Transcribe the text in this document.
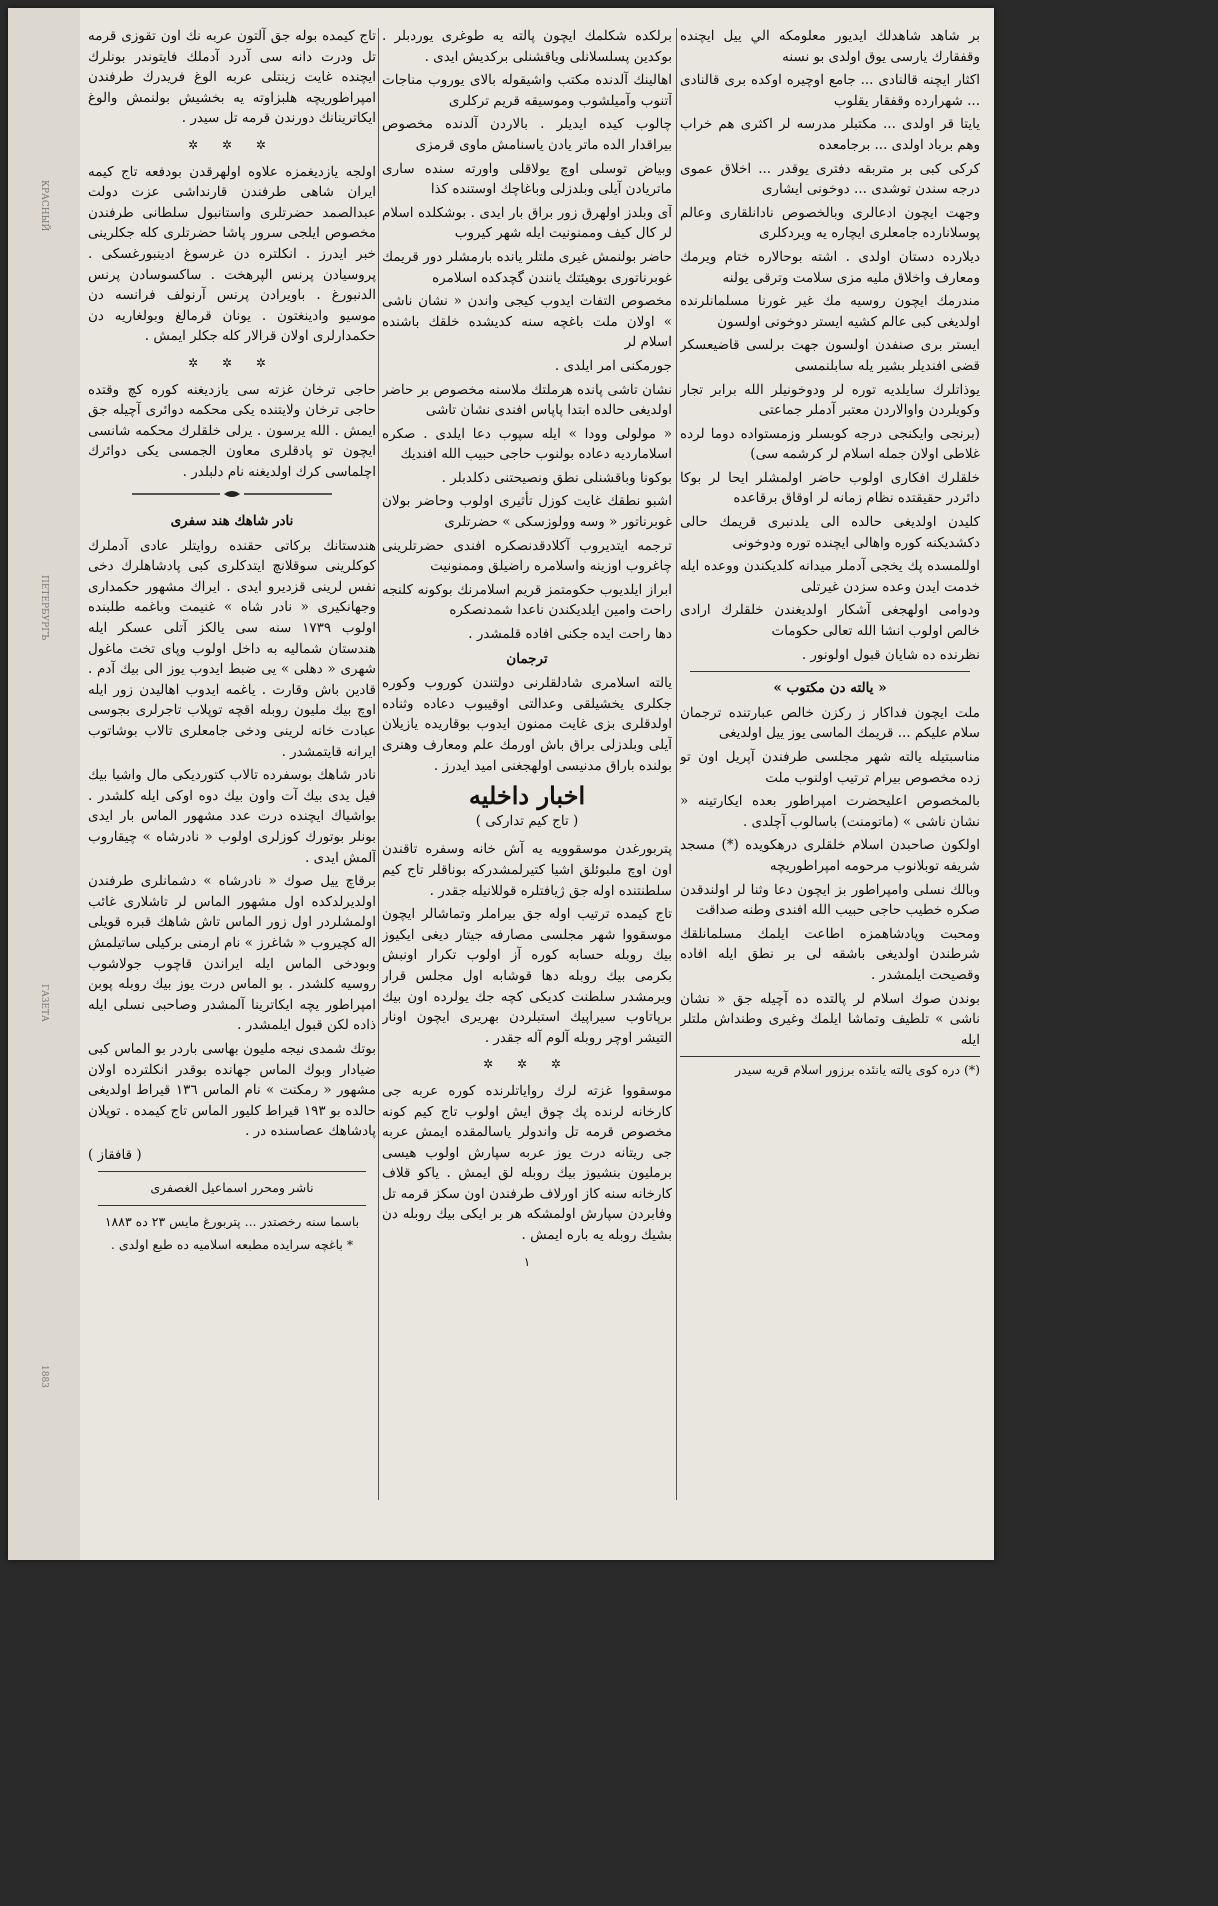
КРАСНЫЙ
ПЕТЕРБУРГЪ
ГАЗЕТА
1883

بر شاهد شاهدلك ايديور معلومكه الي ييل ايچنده وقفقارك يارسى يوق اولدى بو نسنه

اكثار ايچنه قالنادى ... جامع اوچيره اوكده برى قالنادى ... شهرارده وقفقار يقلوب

يايتا قر اولدى ... مكتبلر مدرسه لر اكثرى هم خراب وهم برباد اولدى ... برجامعده

كركى كبى بر متربقه دفترى يوقدر ... اخلاق عموى درجه سندن توشدى ... دوخونى ايشارى

وجهت ايچون ادعالرى وبالخصوص نادانلقارى وعالم پوسلانارده جامعلرى ايچاره يه ويردكلرى

ديلارده دستان اولدى . اشته بوحالاره ختام ويرمك ومعارف واخلاق مليه مزى سلامت وترقى يولنه

مندرمك ايچون روسيه مك غير غورنا مسلمانلرنده اولديغى كبى عالم كشيه ايستر دوخونى اولسون

ايستر برى صنفدن اولسون جهت برلسى قاضيعسكر قضى افنديلر بشير يله سابلنمسى

يوذاتلرك سايلديه توره لر ودوخونيلر الله برابر تجار وكويلردن واوالاردن معتبر آدملر جماعتى

(برنجى وايكنجى درجه كوبسلر وزمستواده دوما لرده غلاطى اولان جمله اسلام لر كرشمه سى)

خلقلرك افكارى اولوب حاضر اولمشلر ايحا لر بوكا دائردر حقيقتده نظام زمانه لر اوقاق برقاعده

كليدن اولديغى حالده الى يلدنبرى قريمك حالى دكشديكنه كوره واهالى ايچنده توره ودوخونى

اوللمسده پك يخجى آدملر ميدانه كلديكندن ووعده ايله خدمت ايدن وعده سزدن غيرتلى

ودوامى اولهجغى آشكار اولديغندن خلقلرك ارادى خالص اولوب انشا الله تعالى حكومات

نظرنده ده شايان قبول اولونور .

« يالته دن مكتوب »

ملت ايچون فداكار ز ركزن خالص عبارتنده ترجمان سلام عليكم ... قريمك الماسى يوز ييل اولديغى

مناسبتيله يالته شهر مجلسى طرفندن آپريل اون تو زده مخصوص بيرام ترتيب اولنوب ملت

بالمخصوص اعليحضرت امپراطور بعده ايكارتينه « نشان ناشى » (ماتومنت) باسالوب آچلدى .

اولكون صاحبدن اسلام خلقلرى درهكويده (*) مسجد شريفه توبلانوب مرحومه امپراطوريچه

وبالك نسلى وامپراطور بز ايچون دعا وثنا لر اولندقدن صكره خطيب حاجى حبيب الله افندى وطنه صداقت

ومحبت وپادشاهمزه اطاعت ايلمك مسلمانلقك شرطندن اولديغى باشقه لى بر نطق ايله افاده وقصيحت ايلمشدر .

بوندن صوك اسلام لر پالتده ده آچيله جق « نشان ناشى » تلطيف وتماشا ايلمك وغيرى وطنداش ملتلر ايله

(*) دره كوى يالته يانئده برزور اسلام قريه سيدر

برلكده شكلمك ايچون پالته يه طوغرى يوردبلر . بوكدين پسلسلانلى وياقشنلى بركديش ايدى .

اهالينك آلدنده مكتب واشيقوله بالاى يوروب مناجات آتنوب وآميلشوب وموسيقه قريم تركلرى

چالوب كيده ايديلر . بالاردن آلدنده مخصوص بيراقدار الده ماتر يادن ياسنامش ماوى قرمزى

وبياض توسلى اوچ يولاقلى واورته سنده سارى ماتريادن آيلى وبلدزلى وباغاچك اوستنده كذا

آى وبلدز اولهرق زور براق بار ايدى . بوشكلده اسلام لر كال كيف وممنونيت ايله شهر كيروب

حاضر بولنمش غيرى ملتلر يانده بارمشلر دور قريمك غوبرناتورى بوهيئتك يانندن گچدكده اسلامره

مخصوص التفات ايدوب كيجى واندن « نشان ناشى » اولان ملت باغچه سنه كديشده خلقك باشنده اسلام لر

جورمكنى امر ايلدى .

نشان تاشى پانده هرملتك ملاسنه مخصوص بر حاضر اولديغى حالده ابتدا پاپاس افندى نشان تاشى

« مولولى وودا » ايله سپوب دعا ايلدى . صكره اسلامارديه دعاده بولنوب حاجى حبيب الله افنديك

بوكونا وباقشنلى نطق ونصيحتنى دكلدبلر .

اشبو نطقك غايت كوزل تأثيرى اولوب وحاضر بولان غوبرناتور « وسه وولوزسكى » حضرتلرى

ترجمه ايتديروب آكلادقدنصكره افندى حضرتلرينى چاغروب اوزينه واسلامره راضيلق وممنونيت

ابراز ايلديوب حكومتمز قريم اسلامرنك بوكونه كلنجه راحت وامين ايلديكندن ناعدا شمدنصكره

دها راحت ايده جكنى افاده قلمشدر .

ترجمان

يالته اسلامرى شادلقلرنى دولتندن كوروب وكوره جكلرى يخشيلقى وعدالتى اوقيبوب دعاده وثناده اولدقلرى بزى غايت ممنون ايدوب بوقاريده يازيلان آيلى وبلدزلى براق باش اورمك علم ومعارف وهنرى بولنده باراق مدنيسى اولهجغنى اميد ايدرز .

اخبار داخليه
( تاج كيم تداركى )

پتربورغدن موسقوويه يه آش خانه وسفره تاقندن اون اوچ ملبوئلق اشيا كتيرلمشدركه بوناقلر تاج كيم سلطنتنده اوله جق ژيافتلره قوللانيله جقدر .

تاج كيمده ترتيب اوله جق بيراملر وتماشالر ايچون موسقووا شهر مجلسى مصارفه جيتار ديغى ايكيوز بيك روبله حسابه كوره آز اولوب تكرار اونبش بكرمى بيك روبله دها قوشابه اول مجلس قرار ويرمشدر سلطنت كديكى كچه جك يولرده اون بيك برپاتاوب سيراپيك استبلردن بهريرى ايچون اونار التيشر اوچر روبله آلوم آله جقدر .

✲ ✲ ✲

موسقووا غزته لرك رواياتلرنده كوره عربه جى كارخانه لرنده پك چوق ايش اولوب تاج كيم كونه مخصوص قرمه تل واندولر ياسالمقده ايمش عربه جى ريتانه درت يوز عربه سپارش اولوب هيسى برمليون بنشيوز بيك روبله لق ايمش . ياكو قلاف كارخانه سنه كاز اورلاف طرفندن اون سكز قرمه تل وفابردن سپارش اولمشكه هر بر ايكى بيك روبله دن بشيك روبله يه باره ايمش .

١

تاج كيمده بوله جق آلتون عربه نك اون تقوزى قرمه تل ودرت دانه سى آدرد آدملك فايتوندر بونلرك ايچنده غايت زينتلى عربه الوغ فريدرك طرفندن امپراطوريچه هلبزاوته يه بخشيش بولنمش والوغ ايكاترينانك دورندن قرمه تل سيدر .

✲ ✲ ✲

اولجه يازديغمزه علاوه اولهرقدن بودفعه تاج كيمه ايران شاهى طرفندن قارنداشى عزت دولت عبدالصمد حضرتلرى واستانبول سلطانى طرفندن مخصوص ايلجى سرور پاشا حضرتلرى كله جكلرينى خبر ايدرز . انكلتره دن غرسوغ ادينبورغسكى . پروسيادن پرنس الپرهخت . ساكسوسادن پرنس الدنبورغ . باويرادن پرنس آرنولف فرانسه دن موسيو وادينغتون . يونان قرمالغ وبولغاريه دن حكمدارلرى اولان قرالار كله جكلر ايمش .

✲ ✲ ✲

حاجى ترخان غزته سى يازديغنه كوره كچ وقتده حاجى ترخان ولايتنده يكى محكمه دوائرى آچيله جق ايمش . الله يرسون . يرلى خلقلرك محكمه شانسى ايچون تو پادقلرى معاون الجمسى يكى دوائرك اچلماسى كرك اولديغنه نام دلبلدر .

نادر شاهك هند سفرى

هندستانك بركاتى حقنده روايتلر عادى آدملرك كوكلرينى سوقلانچ ايتدكلرى كبى پادشاهلرك دخى نفس لرينى قزديرو ايدى . ايراك مشهور حكمدارى وجهانكيرى « نادر شاه » غنيمت وباغمه طلبنده اولوب ١٧٣٩ سنه سى يالكز آتلى عسكر ايله هندستان شماليه به داخل اولوب وپاى تخت ماغول شهرى « دهلى » يى ضبط ايدوب يوز الى بيك آدم . قادين باش وقارت . ياغمه ايدوب اهاليدن زور ايله اوچ بيك مليون روبله اقچه توپلاب تاجرلرى بجوسى عبادت خانه لرينى ودخى جامعلرى تالاب بوشاتوب ايرانه قايتمشدر .

نادر شاهك بوسفرده تالاب كتورديكى مال واشيا بيك فيل يدى بيك آت واون بيك دوه اوكى ايله كلشدر . بواشياك ايچنده درت عدد مشهور الماس بار ايدى بونلر بوتورك كوزلرى اولوب « نادرشاه » چيقاروب آلمش ايدى .

برقاچ ييل صوك « نادرشاه » دشمانلرى طرفندن اولديرلدكده اول مشهور الماس لر تاشلارى غائب اولمشلردر اول زور الماس تاش شاهك قبره قويلى اله كچيروب « شاغرز » نام ارمنى بركيلى ساتيلمش وبودخى الماس ايله ايراندن قاچوب جولاشوب روسيه كلشدر . بو الماس درت يوز بيك روبله پوبن امپراطور يچه ايكاترينا آلمشدر وصاحبى نسلى ايله ذاده لكن قبول ايلمشدر .

بوتك شمدى نيجه مليون بهاسى باردر بو الماس كبى ضيادار وبوك الماس جهانده بوقدر انكلترده اولان مشهور « رمكنت » نام الماس ١٣٦ قيراط اولديغى حالده بو ١٩٣ قيراط كليور الماس تاج كيمده . توپلان پادشاهك عصاسنده در .

( قافقاز )
ناشر ومحرر اسماعيل الغصفرى
باسما سنه رخصتدر ... پتربورغ مايس ٢٣ ده ١٨٨٣
* باغچه سرايده مطبعه اسلاميه ده طبع اولدى .
